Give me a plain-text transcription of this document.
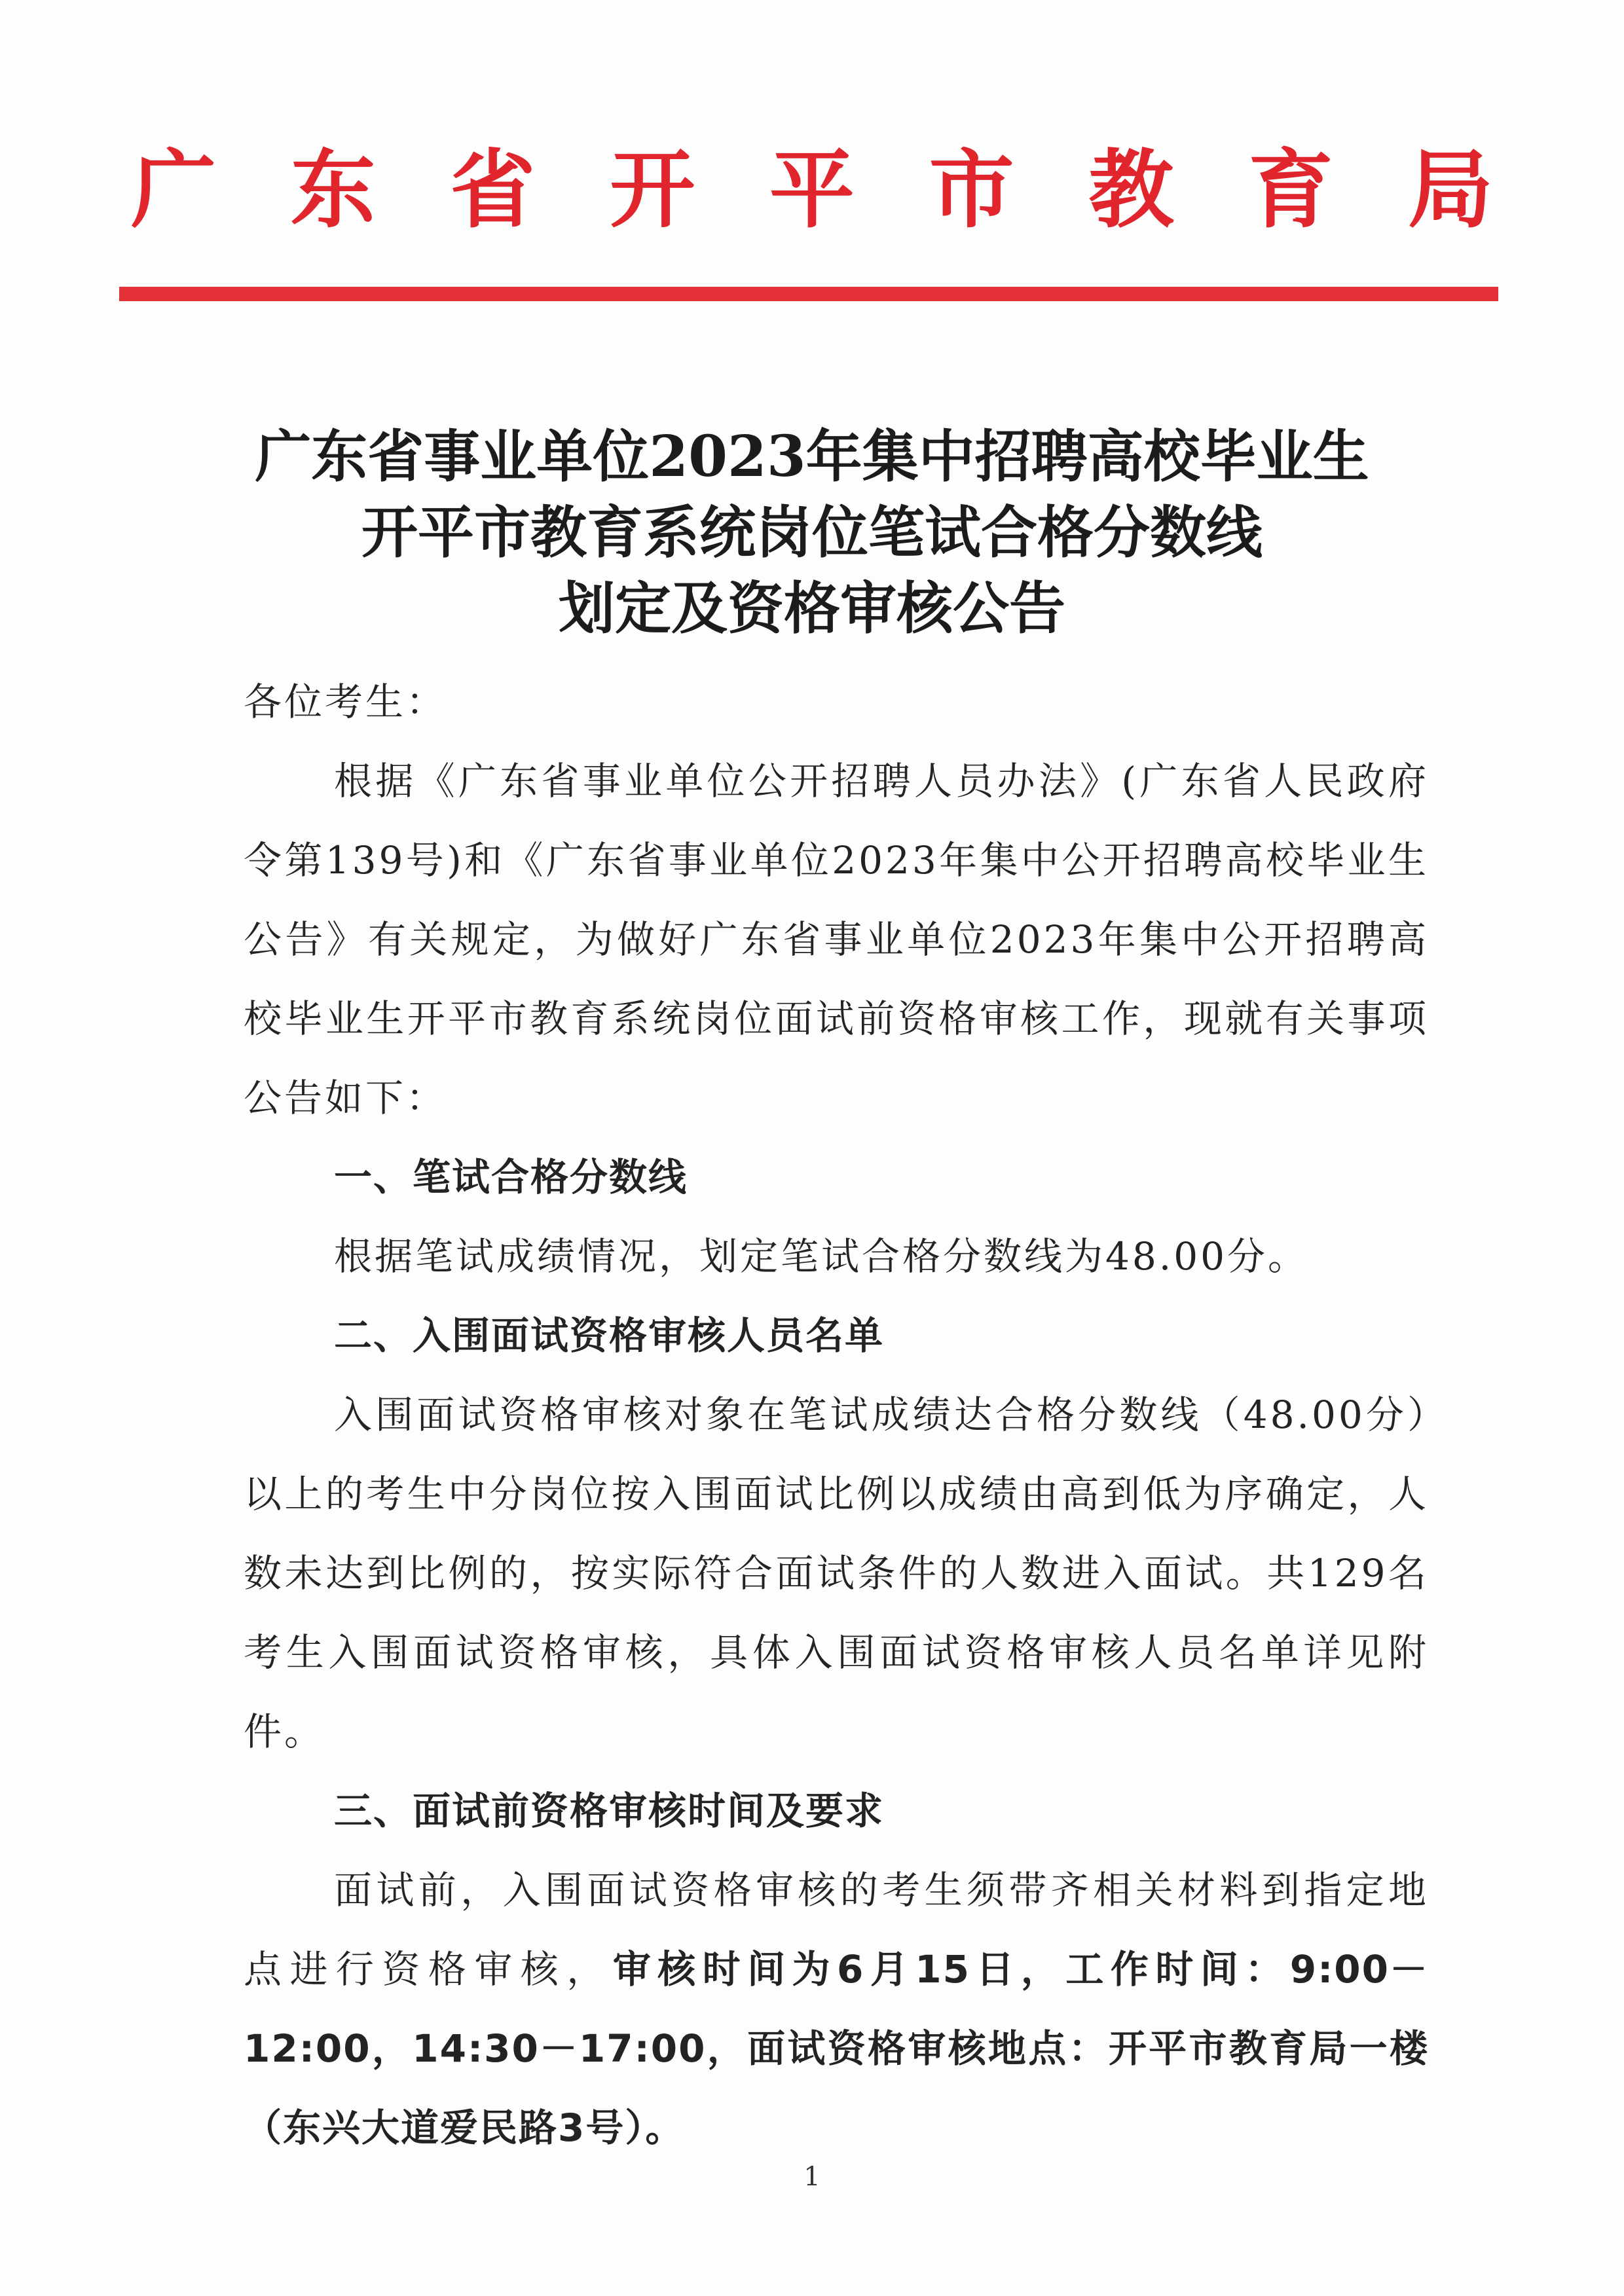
广 东 省 开 平 市 教 育 局
广东省事业单位2023年集中招聘高校毕业生
开平市教育系统岗位笔试合格分数线
划定及资格审核公告
各位考生：
根据《广东省事业单位公开招聘人员办法》(广东省人民政府令第139号)和《广东省事业单位2023年集中公开招聘高校毕业生公告》有关规定，为做好广东省事业单位2023年集中公开招聘高校毕业生开平市教育系统岗位面试前资格审核工作，现就有关事项公告如下：
一、笔试合格分数线
根据笔试成绩情况，划定笔试合格分数线为48.00分。
二、入围面试资格审核人员名单
入围面试资格审核对象在笔试成绩达合格分数线（48.00分）以上的考生中分岗位按入围面试比例以成绩由高到低为序确定，人数未达到比例的，按实际符合面试条件的人数进入面试。共129名考生入围面试资格审核，具体入围面试资格审核人员名单详见附件。
三、面试前资格审核时间及要求
面试前，入围面试资格审核的考生须带齐相关材料到指定地点进行资格审核，审核时间为6月15日，工作时间：9:00－12:00，14:30－17:00，面试资格审核地点：开平市教育局一楼（东兴大道爱民路3号）。
1
